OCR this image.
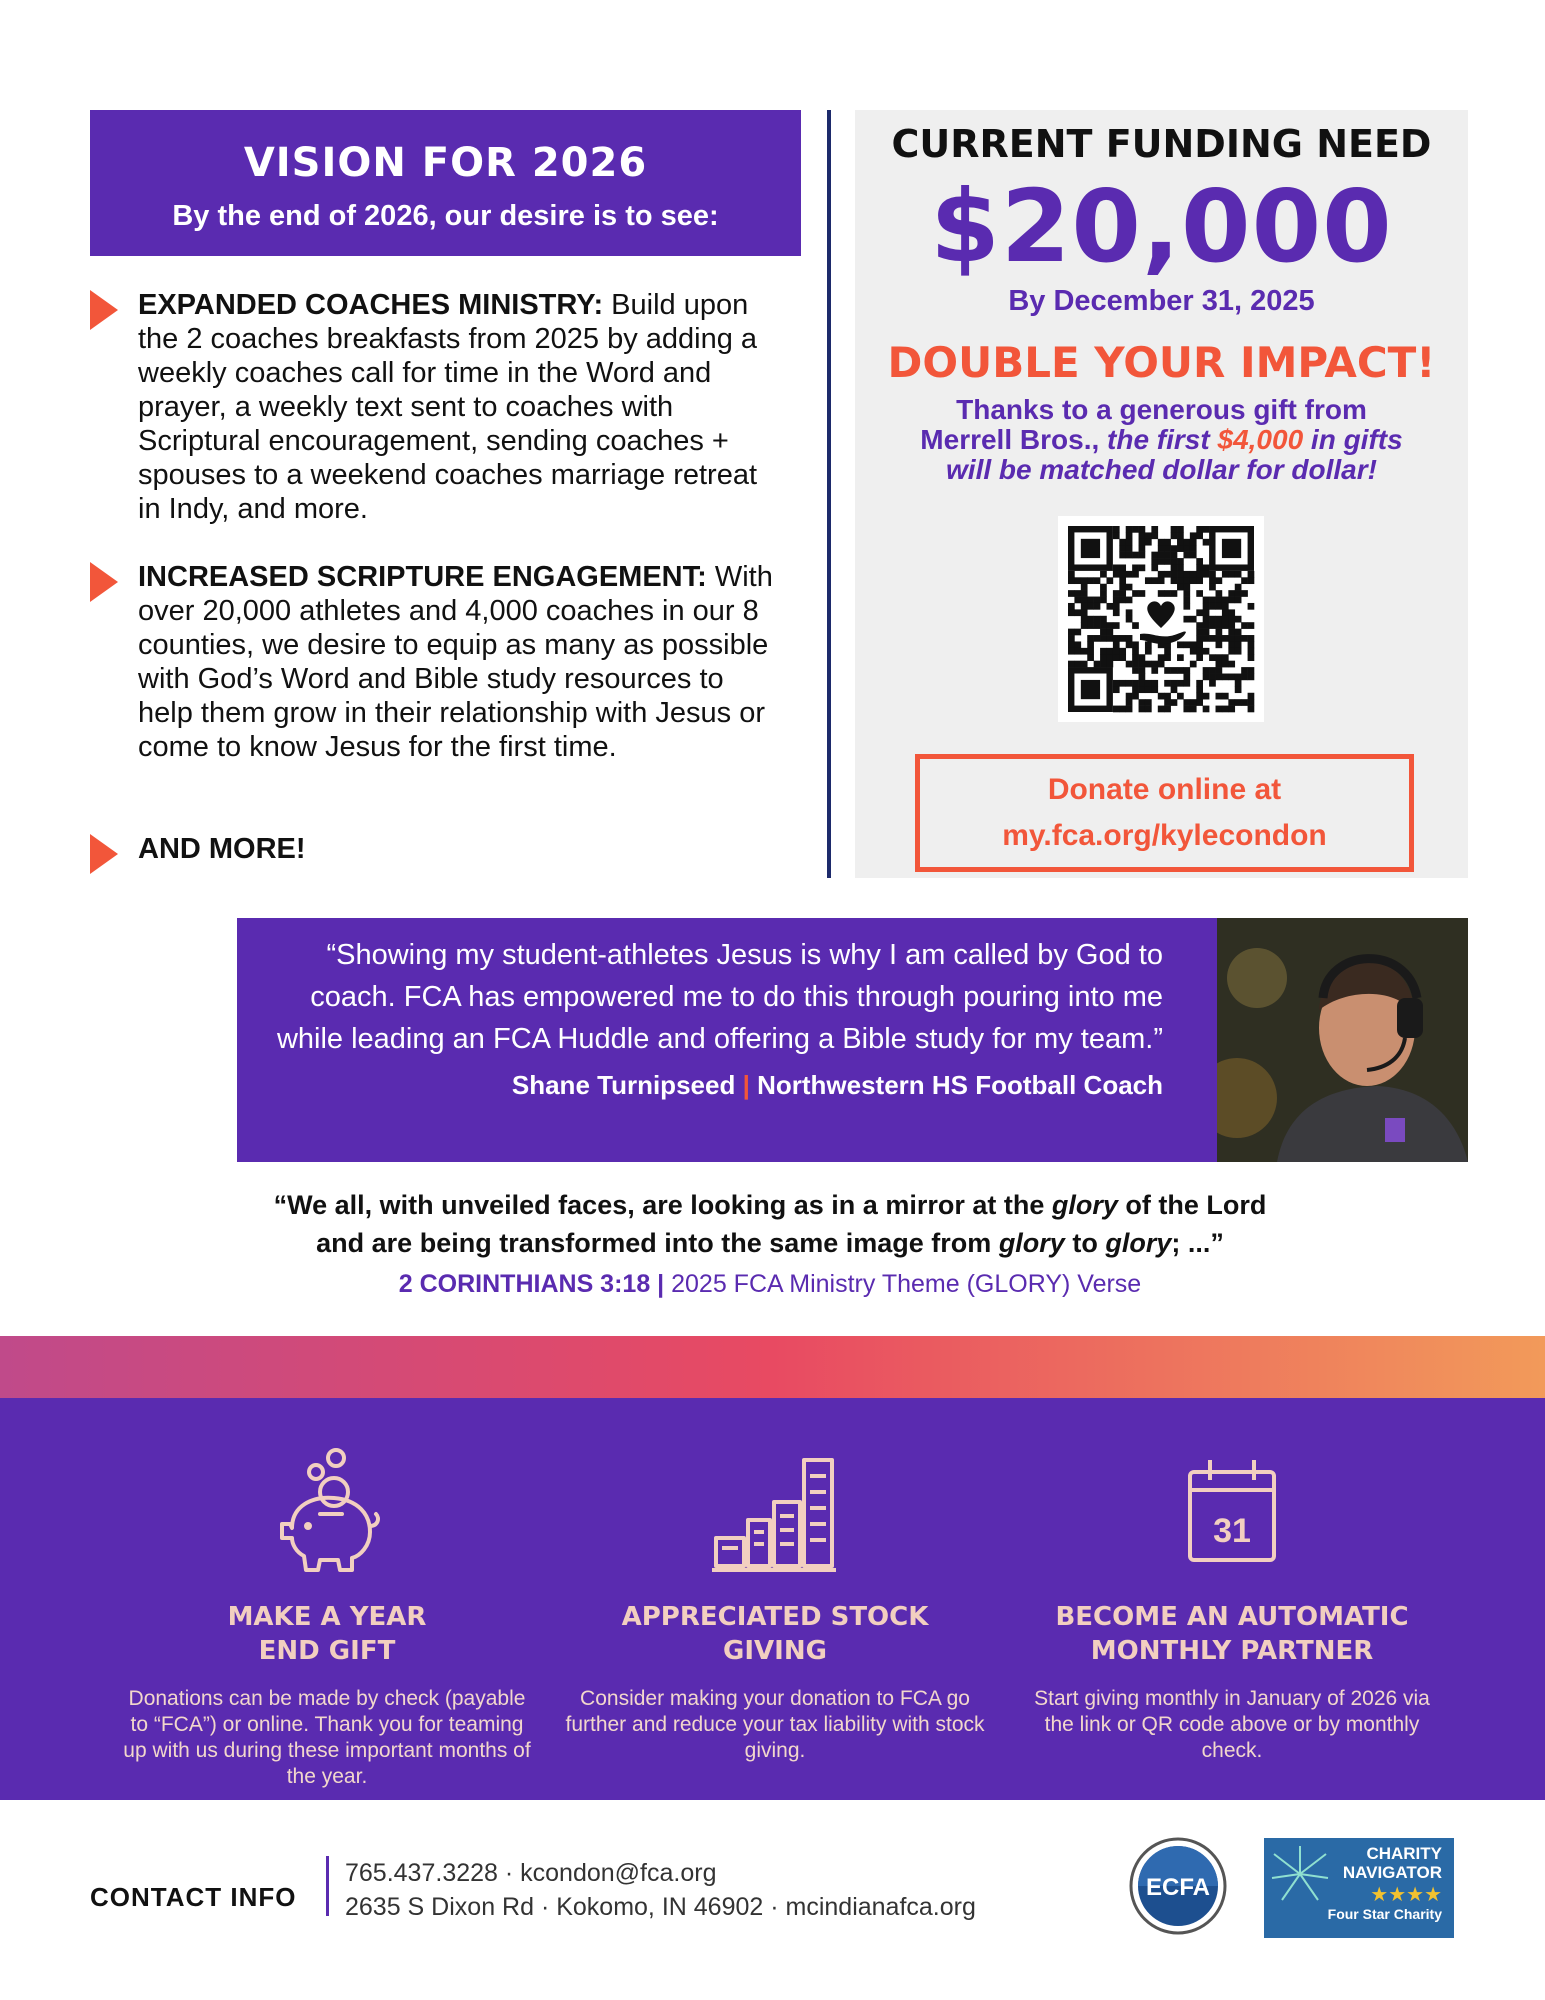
VISION FOR 2026
By the end of 2026, our desire is to see:
EXPANDED COACHES MINISTRY: Build upon the 2 coaches breakfasts from 2025 by adding a weekly coaches call for time in the Word and prayer, a weekly text sent to coaches with Scriptural encouragement, sending coaches + spouses to a weekend coaches marriage retreat in Indy, and more.
INCREASED SCRIPTURE ENGAGEMENT: With over 20,000 athletes and 4,000 coaches in our 8 counties, we desire to equip as many as possible with God’s Word and Bible study resources to help them grow in their relationship with Jesus or come to know Jesus for the first time.
AND MORE!
CURRENT FUNDING NEED
$20,000
By December 31, 2025
DOUBLE YOUR IMPACT!
Thanks to a generous gift from
Merrell Bros., the first $4,000 in gifts
will be matched dollar for dollar!
Donate online at
my.fca.org/kylecondon
“Showing my student-athletes Jesus is why I am called by God to coach. FCA has empowered me to do this through pouring into me while leading an FCA Huddle and offering a Bible study for my team.”
Shane Turnipseed | Northwestern HS Football Coach
“We all, with unveiled faces, are looking as in a mirror at the glory of the Lord
and are being transformed into the same image from glory to glory; ...”
2 CORINTHIANS 3:18 | 2025 FCA Ministry Theme (GLORY) Verse
MAKE A YEAR
END GIFT
Donations can be made by check (payable to “FCA”) or online. Thank you for teaming up with us during these important months of the year.
APPRECIATED STOCK
GIVING
Consider making your donation to FCA go further and reduce your tax liability with stock giving.
31
BECOME AN AUTOMATIC
MONTHLY PARTNER
Start giving monthly in January of 2026 via the link or QR code above or by monthly check.
CONTACT INFO
765.437.3228 · kcondon@fca.org
2635 S Dixon Rd · Kokomo, IN 46902 · mcindianafca.org
ECFA
CHARITY
NAVIGATOR
★★★★
Four Star Charity
